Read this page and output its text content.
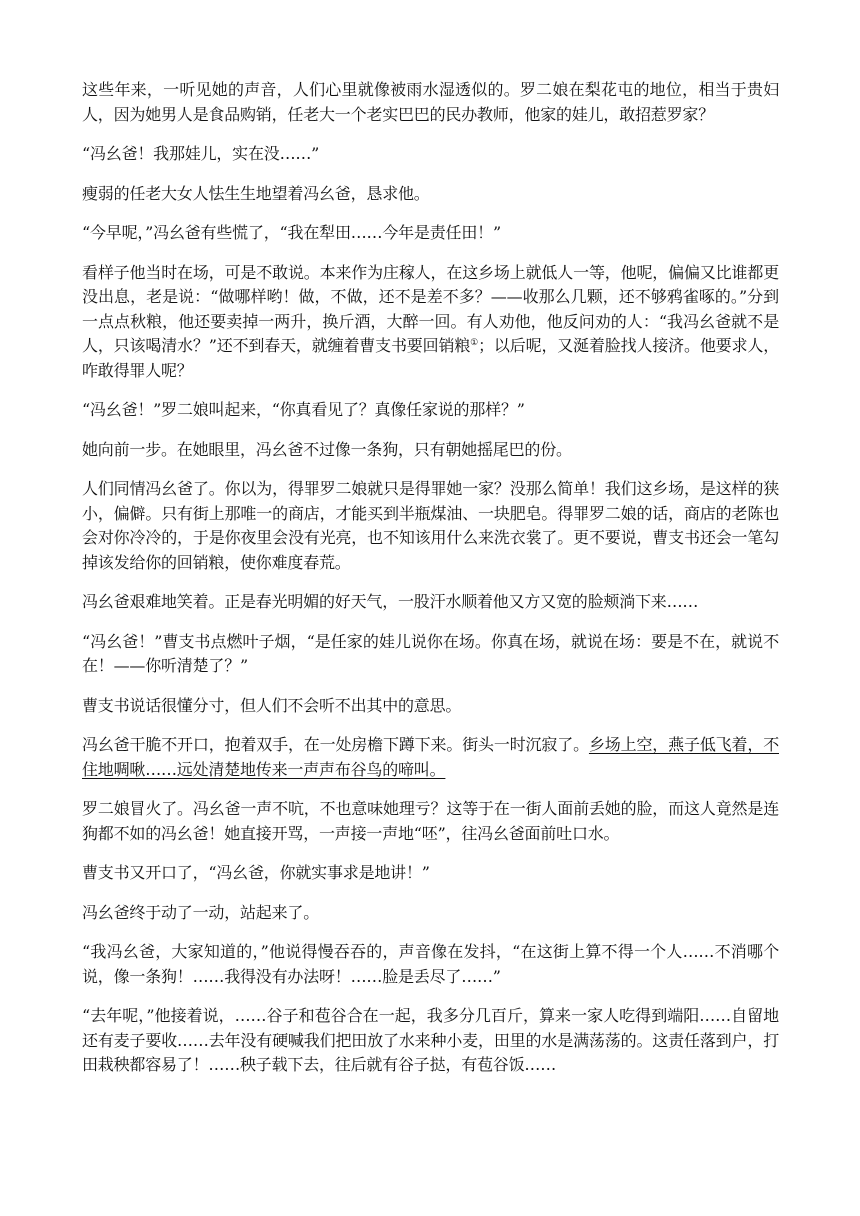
这些年来，一听见她的声音，人们心里就像被雨水湿透似的。罗二娘在梨花屯的地位，相当于贵妇人，因为她男人是食品购销，任老大一个老实巴巴的民办教师，他家的娃儿，敢招惹罗家？

“冯幺爸！我那娃儿，实在没……”

瘦弱的任老大女人怯生生地望着冯幺爸，恳求他。

“今早呢，”冯幺爸有些慌了，“我在犁田……今年是责任田！”

看样子他当时在场，可是不敢说。本来作为庄稼人，在这乡场上就低人一等，他呢，偏偏又比谁都更没出息，老是说：“做哪样哟！做，不做，还不是差不多？——收那么几颗，还不够鸦雀啄的。”分到一点点秋粮，他还要卖掉一两升，换斤酒，大醉一回。有人劝他，他反问劝的人：“我冯幺爸就不是人，只该喝清水？”还不到春天，就缠着曹支书要回销粮①；以后呢，又涎着脸找人接济。他要求人，咋敢得罪人呢？

“冯幺爸！”罗二娘叫起来，“你真看见了？真像任家说的那样？”

她向前一步。在她眼里，冯幺爸不过像一条狗，只有朝她摇尾巴的份。

人们同情冯幺爸了。你以为，得罪罗二娘就只是得罪她一家？没那么简单！我们这乡场，是这样的狭小，偏僻。只有街上那唯一的商店，才能买到半瓶煤油、一块肥皂。得罪罗二娘的话，商店的老陈也会对你冷冷的，于是你夜里会没有光亮，也不知该用什么来洗衣裳了。更不要说，曹支书还会一笔勾掉该发给你的回销粮，使你难度春荒。

冯幺爸艰难地笑着。正是春光明媚的好天气，一股汗水顺着他又方又宽的脸颊淌下来……

“冯幺爸！”曹支书点燃叶子烟，“是任家的娃儿说你在场。你真在场，就说在场：要是不在，就说不在！——你听清楚了？”

曹支书说话很懂分寸，但人们不会听不出其中的意思。

冯幺爸干脆不开口，抱着双手，在一处房檐下蹲下来。街头一时沉寂了。乡场上空，燕子低飞着，不住地啁啾……远处清楚地传来一声声布谷鸟的啼叫。

罗二娘冒火了。冯幺爸一声不吭，不也意味她理亏？这等于在一街人面前丢她的脸，而这人竟然是连狗都不如的冯幺爸！她直接开骂，一声接一声地“呸”，往冯幺爸面前吐口水。

曹支书又开口了，“冯幺爸，你就实事求是地讲！”

冯幺爸终于动了一动，站起来了。

“我冯幺爸，大家知道的，”他说得慢吞吞的，声音像在发抖，“在这街上算不得一个人……不消哪个说，像一条狗！……我得没有办法呀！……脸是丢尽了……”

“去年呢，”他接着说，……谷子和苞谷合在一起，我多分几百斤，算来一家人吃得到端阳……自留地还有麦子要收……去年没有硬喊我们把田放了水来种小麦，田里的水是满荡荡的。这责任落到户，打田栽秧都容易了！……秧子载下去，往后就有谷子挞，有苞谷饭……
